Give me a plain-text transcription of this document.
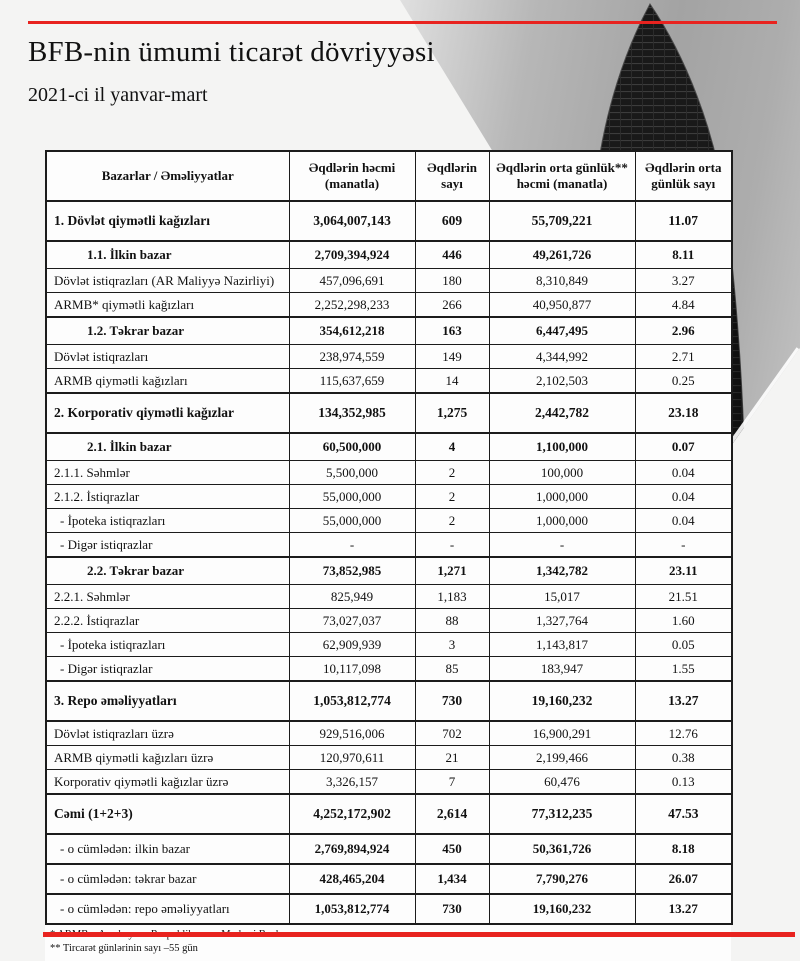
BFB-nin ümumi ticarət dövriyyəsi
2021-ci il yanvar-mart
Bazarlar / Əməliyyatlar	Əqdlərin həcmi (manatla)	Əqdlərin sayı	Əqdlərin orta günlük** həcmi (manatla)	Əqdlərin orta günlük sayı
1. Dövlət qiymətli kağızları	3,064,007,143	609	55,709,221	11.07
1.1. İlkin bazar	2,709,394,924	446	49,261,726	8.11
Dövlət istiqrazları (AR Maliyyə Nazirliyi)	457,096,691	180	8,310,849	3.27
ARMB* qiymətli kağızları	2,252,298,233	266	40,950,877	4.84
1.2. Təkrar bazar	354,612,218	163	6,447,495	2.96
Dövlət istiqrazları	238,974,559	149	4,344,992	2.71
ARMB qiymətli kağızları	115,637,659	14	2,102,503	0.25
2. Korporativ qiymətli kağızlar	134,352,985	1,275	2,442,782	23.18
2.1. İlkin bazar	60,500,000	4	1,100,000	0.07
2.1.1. Səhmlər	5,500,000	2	100,000	0.04
2.1.2. İstiqrazlar	55,000,000	2	1,000,000	0.04
- İpoteka istiqrazları	55,000,000	2	1,000,000	0.04
- Digər istiqrazlar	-	-	-	-
2.2. Təkrar bazar	73,852,985	1,271	1,342,782	23.11
2.2.1. Səhmlər	825,949	1,183	15,017	21.51
2.2.2. İstiqrazlar	73,027,037	88	1,327,764	1.60
- İpoteka istiqrazları	62,909,939	3	1,143,817	0.05
- Digər istiqrazlar	10,117,098	85	183,947	1.55
3. Repo əməliyyatları	1,053,812,774	730	19,160,232	13.27
Dövlət istiqrazları üzrə	929,516,006	702	16,900,291	12.76
ARMB qiymətli kağızları üzrə	120,970,611	21	2,199,466	0.38
Korporativ qiymətli kağızlar üzrə	3,326,157	7	60,476	0.13
Cəmi (1+2+3)	4,252,172,902	2,614	77,312,235	47.53
- o cümlədən: ilkin bazar	2,769,894,924	450	50,361,726	8.18
- o cümlədən: təkrar bazar	428,465,204	1,434	7,790,276	26.07
- o cümlədən: repo əməliyyatları	1,053,812,774	730	19,160,232	13.27
** Tircarət günlərinin sayı –55 gün
